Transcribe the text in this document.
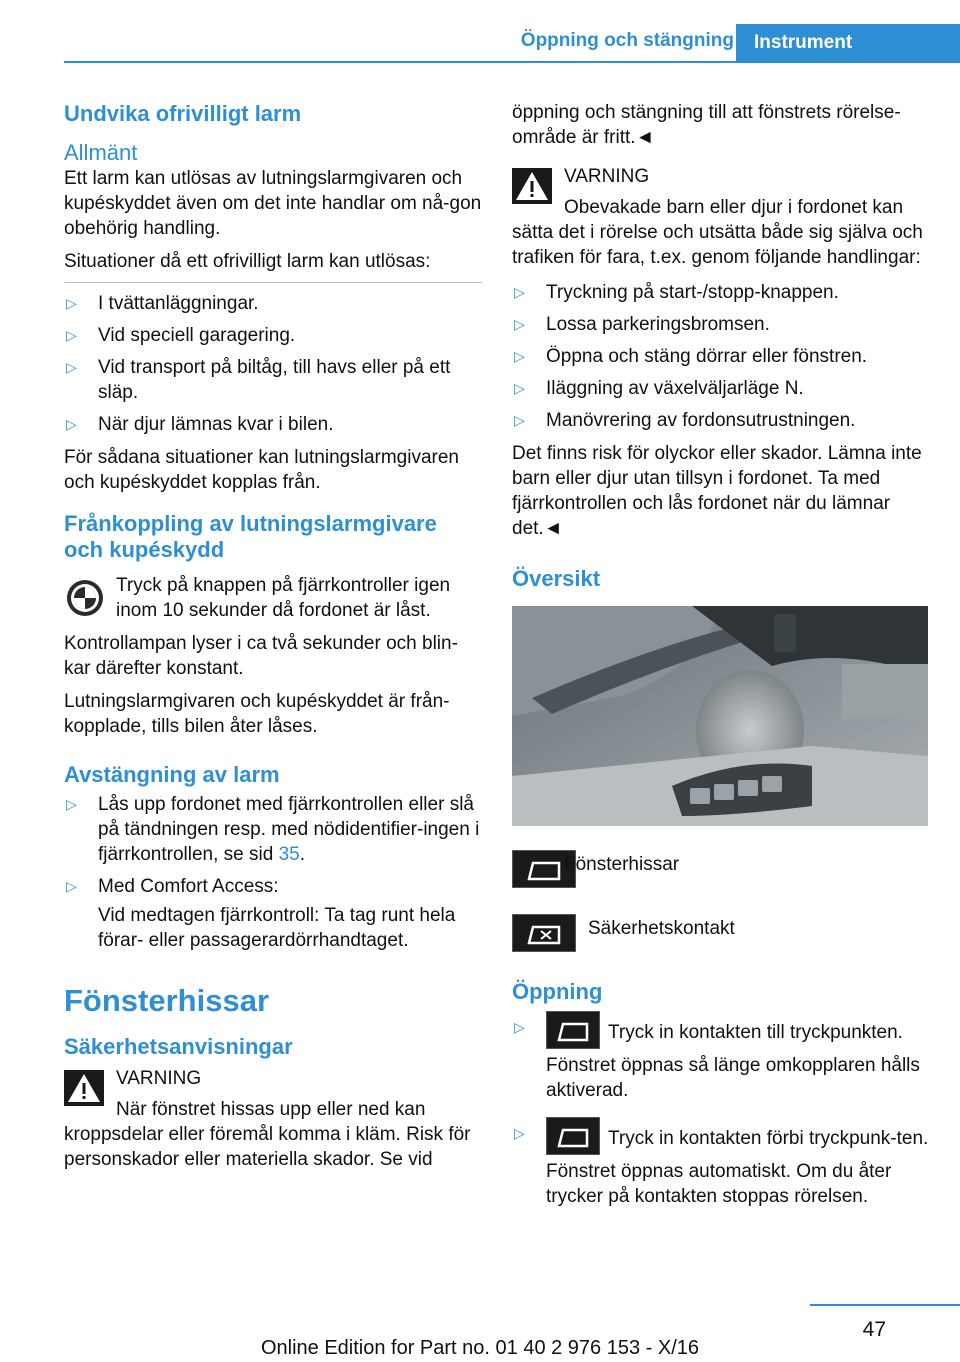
Öppning och stängning Instrument
Undvika ofrivilligt larm
Allmänt

Ett larm kan utlösas av lutningslarmgivaren och kupéskyddet även om det inte handlar om nå‐gon obehörig handling.

Situationer då ett ofrivilligt larm kan utlösas:

▷ I tvättanläggningar.
▷ Vid speciell garagering.
▷ Vid transport på biltåg, till havs eller på ett släp.
▷ När djur lämnas kvar i bilen.

För sådana situationer kan lutningslarmgivaren och kupéskyddet kopplas från.

Frånkoppling av lutningslarmgivare och kupéskydd
Tryck på knappen på fjärrkontroller igen inom 10 sekunder då fordonet är låst.

Kontrollampan lyser i ca två sekunder och blin‐kar därefter konstant.

Lutningslarmgivaren och kupéskyddet är från‐kopplade, tills bilen åter låses.

Avstängning av larm
▷ Lås upp fordonet med fjärrkontrollen eller slå på tändningen resp. med nödidentifier‐ingen i fjärrkontrollen, se sid 35.
▷ Med Comfort Access:

Vid medtagen fjärrkontroll: Ta tag runt hela förar- eller passagerardörrhandtaget.

Fönsterhissar
Säkerhetsanvisningar
VARNING
När fönstret hissas upp eller ned kan
kroppsdelar eller föremål komma i kläm. Risk för personskador eller materiella skador. Se vid

öppning och stängning till att fönstrets rörelse‐område är fritt.◄

VARNING
Obevakade barn eller djur i fordonet kan
sätta det i rörelse och utsätta både sig själva och trafiken för fara, t.ex. genom följande handlingar:
▷ Tryckning på start-/stopp-knappen.
▷ Lossa parkeringsbromsen.
▷ Öppna och stäng dörrar eller fönstren.
▷ Iläggning av växelväljarläge N.
▷ Manövrering av fordonsutrustningen.

Det finns risk för olyckor eller skador. Lämna inte barn eller djur utan tillsyn i fordonet. Ta med fjärrkontrollen och lås fordonet när du lämnar det.◄

Översikt
Fönsterhissar
Säkerhetskontakt
Öppning
▷	Tryck in kontakten till tryckpunkten.

Fönstret öppnas så länge omkopplaren hålls aktiverad.

▷	Tryck in kontakten förbi tryckpunk‐ten.

Fönstret öppnas automatiskt. Om du åter trycker på kontakten stoppas rörelsen.

47
Online Edition for Part no. 01 40 2 976 153 - X/16
